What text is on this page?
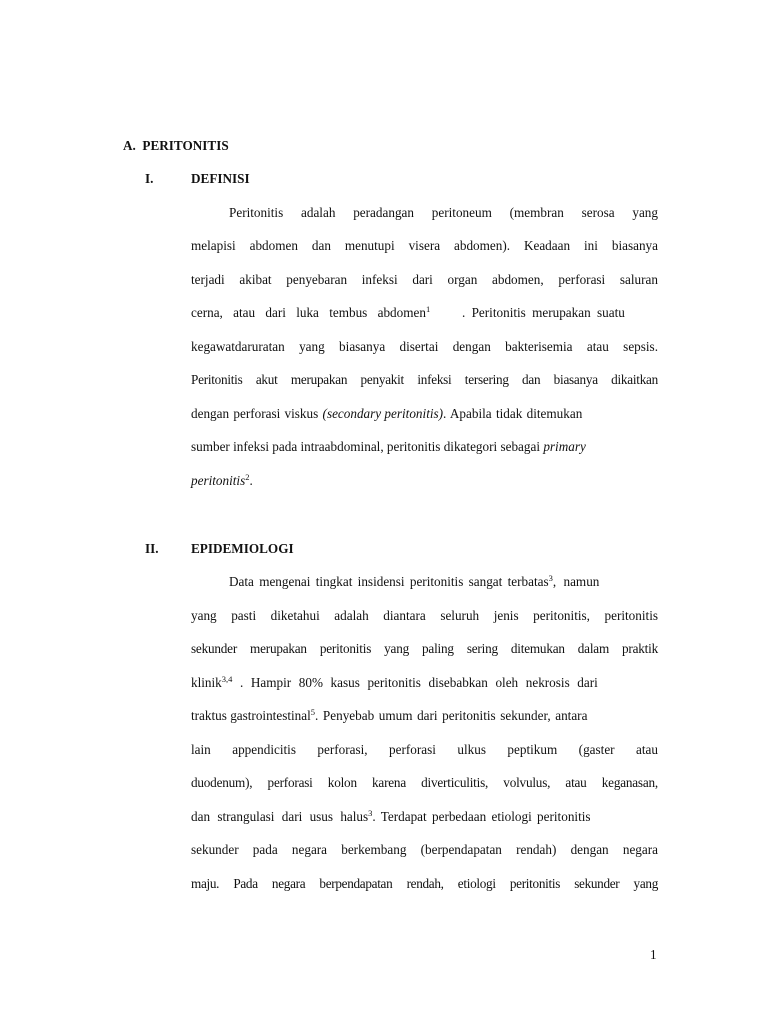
A. PERITONITIS
I.	DEFINISI
Peritonitis adalah peradangan peritoneum (membran serosa yang
melapisi abdomen dan menutupi visera abdomen). Keadaan ini biasanya
terjadi akibat penyebaran infeksi dari organ abdomen, perforasi saluran
cerna, atau dari luka tembus abdomen$^1$ . Peritonitis merupakan suatu
kegawatdaruratan yang biasanya disertai dengan bakterisemia atau sepsis.
Peritonitis akut merupakan penyakit infeksi tersering dan biasanya dikaitkan
dengan perforasi viskus (secondary peritonitis). Apabila tidak ditemukan
sumber infeksi pada intraabdominal, peritonitis dikategori sebagai primary
peritonitis$^2$.
II. EPIDEMIOLOGI
Data mengenai tingkat insidensi peritonitis sangat terbatas$^3$, namun
yang pasti diketahui adalah diantara seluruh jenis peritonitis, peritonitis
sekunder merupakan peritonitis yang paling sering ditemukan dalam praktik
klinik$^{3,4}$ . Hampir 80% kasus peritonitis disebabkan oleh nekrosis dari
traktus gastrointestinal$^5$. Penyebab umum dari peritonitis sekunder, antara
lain appendicitis perforasi, perforasi ulkus peptikum (gaster atau
duodenum), perforasi kolon karena diverticulitis, volvulus, atau keganasan,
dan strangulasi dari usus halus$^3$. Terdapat perbedaan etiologi peritonitis
sekunder pada negara berkembang (berpendapatan rendah) dengan negara
maju. Pada negara berpendapatan rendah, etiologi peritonitis sekunder yang
1
